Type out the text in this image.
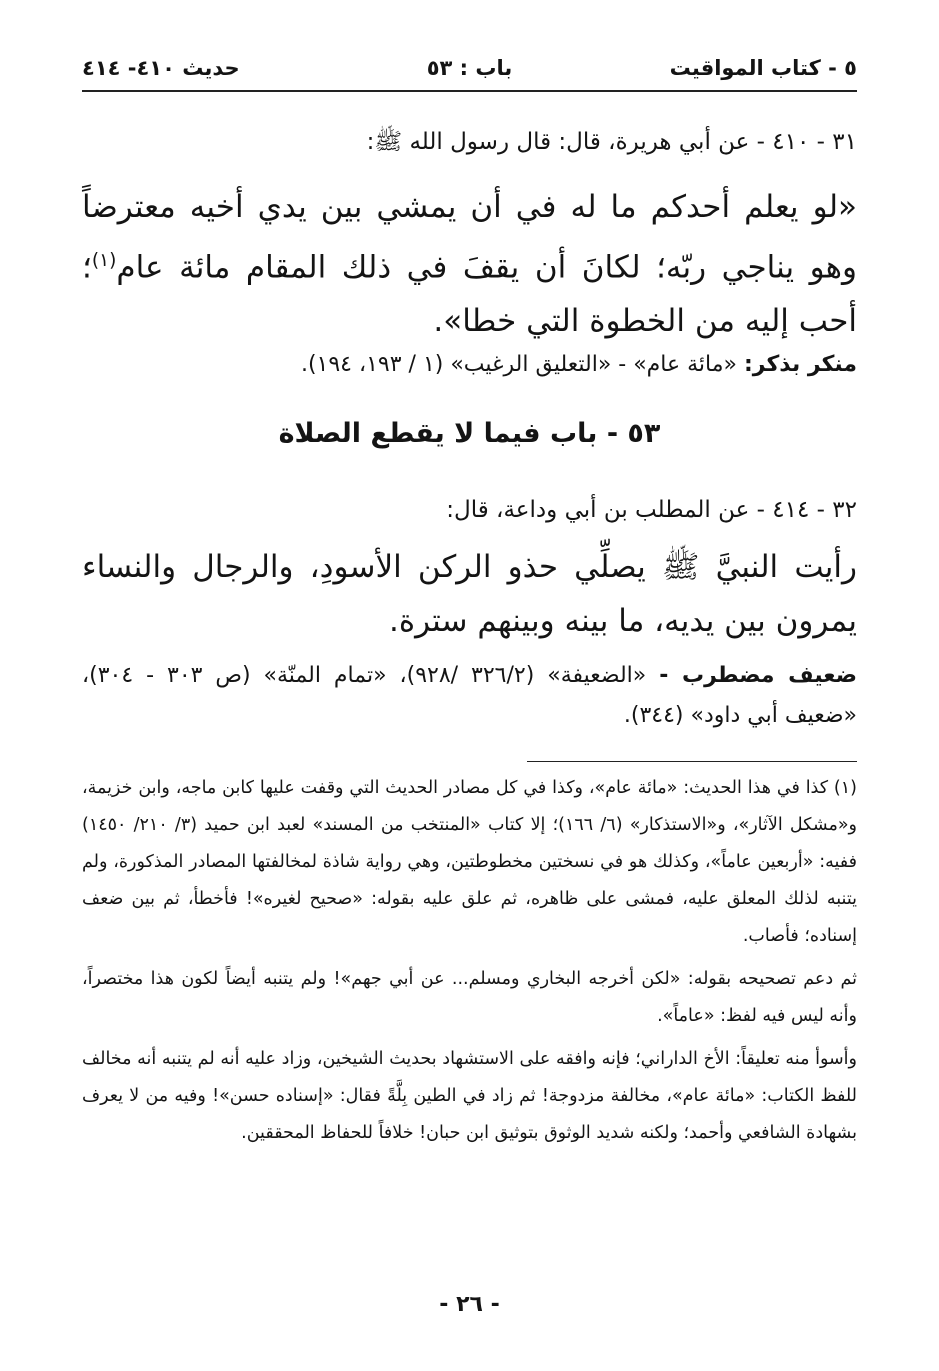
٥ - كتاب المواقيت
باب : ٥٣
حديث ٤١٠- ٤١٤
٣١ - ٤١٠ - عن أبي هريرة، قال: قال رسول الله ﷺ:
«لو يعلم أحدكم ما له في أن يمشي بين يدي أخيه معترضاً وهو يناجي ربّه؛ لكانَ أن يقفَ في ذلك المقام مائة عام$^{(١)}$؛ أحب إليه من الخطوة التي خطا».
منكر بذكر: «مائة عام» - «التعليق الرغيب» (١ / ١٩٣، ١٩٤).
٥٣ - باب فيما لا يقطع الصلاة
٣٢ - ٤١٤ - عن المطلب بن أبي وداعة، قال:
رأيت النبيَّ ﷺ يصلِّي حذو الركن الأسودِ، والرجال والنساء يمرون بين يديه، ما بينه وبينهم سترة.
ضعيف مضطرب - «الضعيفة» (٣٢٦/٢ /٩٢٨)، «تمام المنّة» (ص ٣٠٣ - ٣٠٤)، «ضعيف أبي داود» (٣٤٤).

(١) كذا في هذا الحديث: «مائة عام»، وكذا في كل مصادر الحديث التي وقفت عليها كابن ماجه، وابن خزيمة، و«مشكل الآثار»، و«الاستذكار» (٦/ ١٦٦)؛ إلا كتاب «المنتخب من المسند» لعبد ابن حميد (٣/ ٢١٠/ ١٤٥٠) ففيه: «أربعين عاماً»، وكذلك هو في نسختين مخطوطتين، وهي رواية شاذة لمخالفتها المصادر المذكورة، ولم يتنبه لذلك المعلق عليه، فمشى على ظاهره، ثم علق عليه بقوله: «صحيح لغيره»! فأخطأ، ثم بين ضعف إسناده؛ فأصاب.

ثم دعم تصحيحه بقوله: «لكن أخرجه البخاري ومسلم... عن أبي جهم»! ولم يتنبه أيضاً لكون هذا مختصراً، وأنه ليس فيه لفظ: «عاماً».

وأسوأ منه تعليقاً: الأخ الداراني؛ فإنه وافقه على الاستشهاد بحديث الشيخين، وزاد عليه أنه لم يتنبه أنه مخالف للفظ الكتاب: «مائة عام»، مخالفة مزدوجة! ثم زاد في الطين بِلَّةً فقال: «إسناده حسن»! وفيه من لا يعرف بشهادة الشافعي وأحمد؛ ولكنه شديد الوثوق بتوثيق ابن حبان! خلافاً للحفاظ المحققين.

- ٢٦ -
